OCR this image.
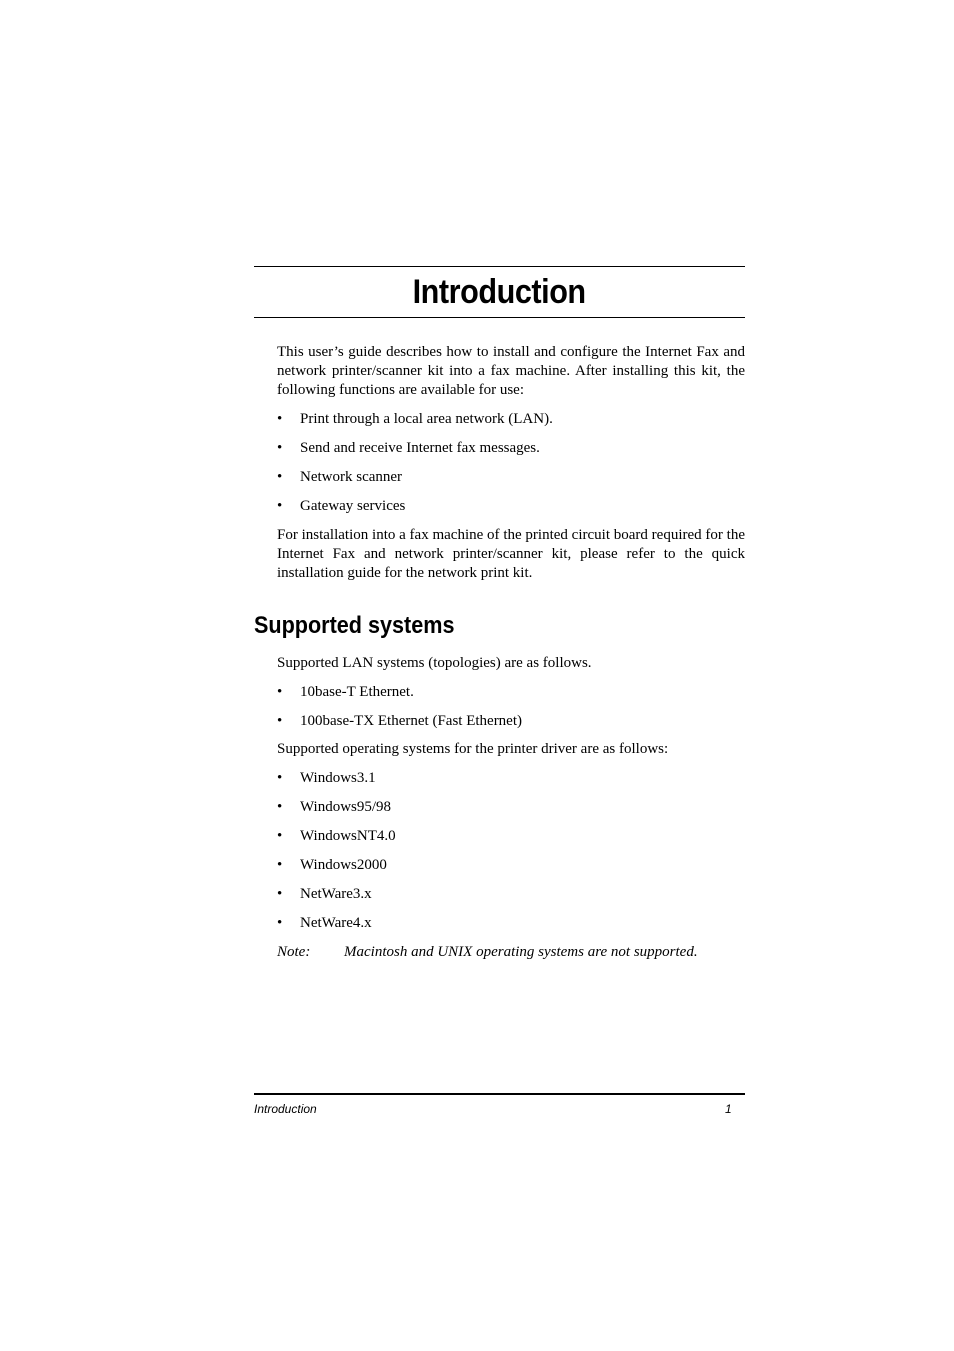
Introduction

This user’s guide describes how to install and configure the Internet Fax and network printer/scanner kit into a fax machine. After installing this kit, the following functions are available for use:

• Print through a local area network (LAN).
• Send and receive Internet fax messages.
• Network scanner
• Gateway services

For installation into a fax machine of the printed circuit board required for the Internet Fax and network printer/scanner kit, please refer to the quick installation guide for the network print kit.

Supported systems

Supported LAN systems (topologies) are as follows.

• 10base-T Ethernet.
• 100base-TX Ethernet (Fast Ethernet)

Supported operating systems for the printer driver are as follows:

• Windows3.1
• Windows95/98
• WindowsNT4.0
• Windows2000
• NetWare3.x
• NetWare4.x
Note: Macintosh and UNIX operating systems are not supported.
Introduction	1
